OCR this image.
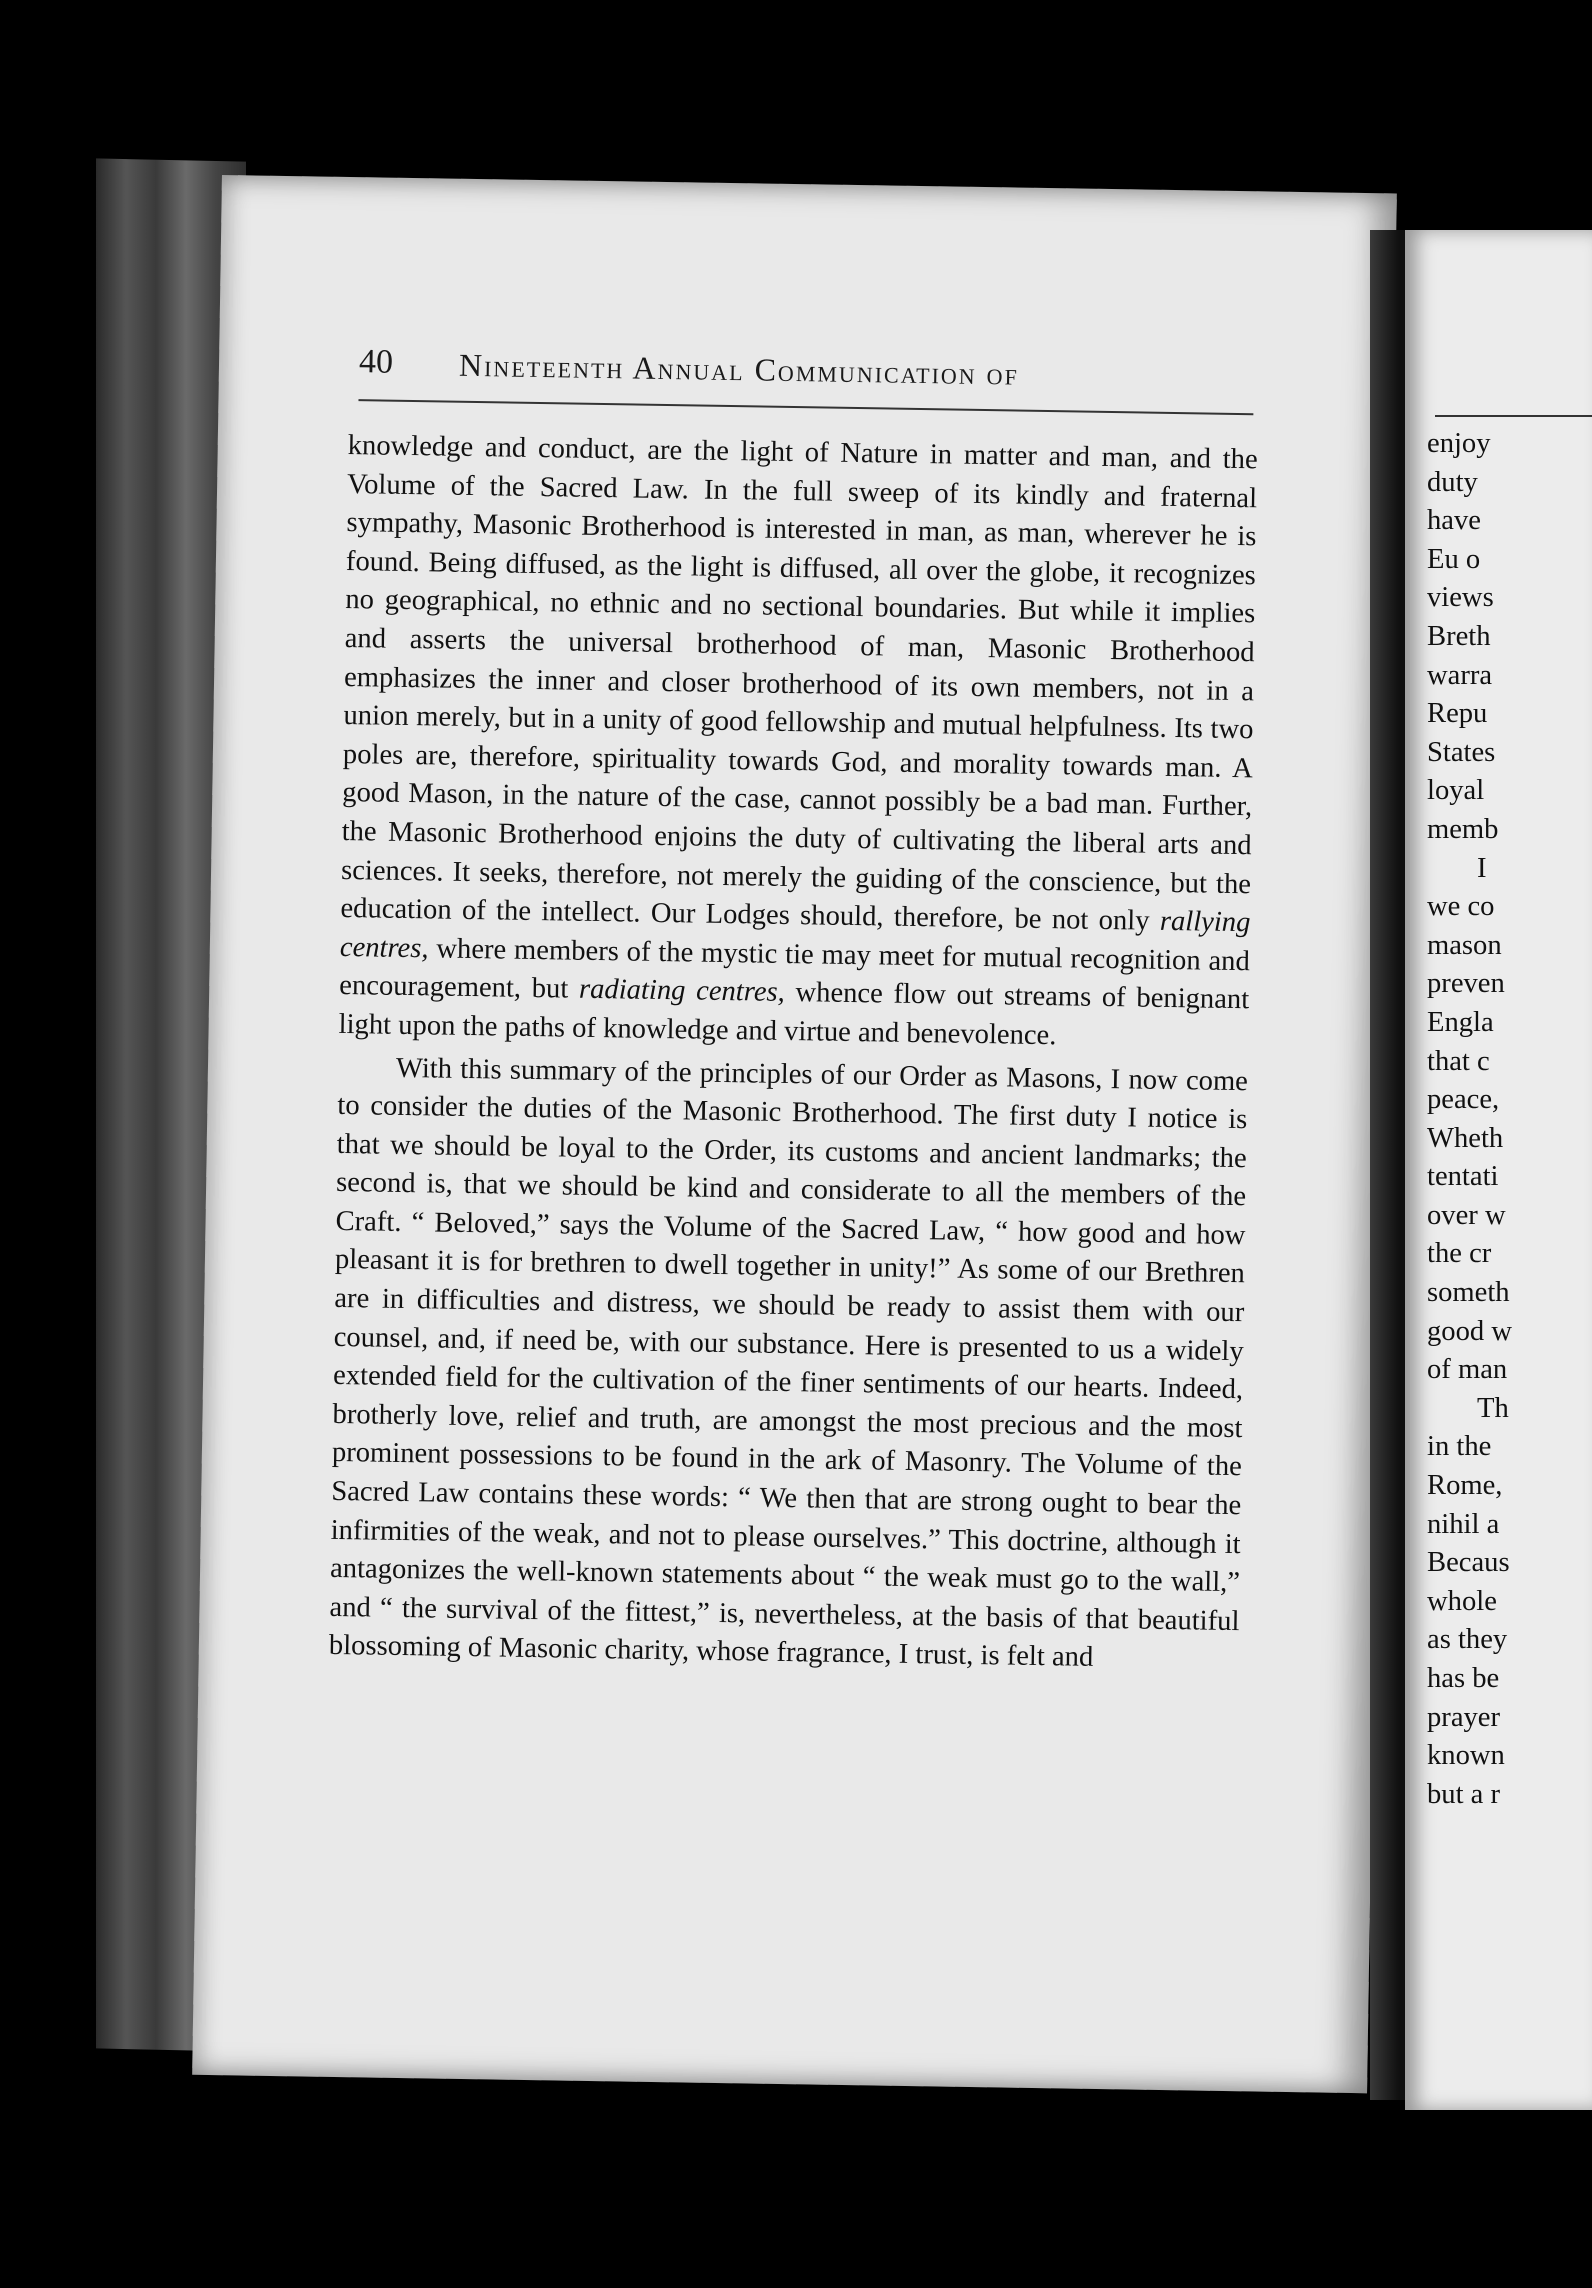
40 Nineteenth Annual Communication of

knowledge and conduct, are the light of Nature in matter and man, and the Volume of the Sacred Law. In the full sweep of its kindly and fraternal sympathy, Masonic Brotherhood is interested in man, as man, wherever he is found. Being diffused, as the light is diffused, all over the globe, it recognizes no geographical, no ethnic and no sectional boundaries. But while it implies and asserts the universal brotherhood of man, Masonic Brotherhood emphasizes the inner and closer brotherhood of its own members, not in a union merely, but in a unity of good fellowship and mutual helpfulness. Its two poles are, therefore, spirituality towards God, and morality towards man. A good Mason, in the nature of the case, cannot possibly be a bad man. Further, the Masonic Brotherhood enjoins the duty of cultivating the liberal arts and sciences. It seeks, therefore, not merely the guiding of the conscience, but the education of the intellect. Our Lodges should, therefore, be not only rallying centres, where members of the mystic tie may meet for mutual recognition and encouragement, but radiating centres, whence flow out streams of benignant light upon the paths of knowledge and virtue and benevolence.

With this summary of the principles of our Order as Masons, I now come to consider the duties of the Masonic Brotherhood. The first duty I notice is that we should be loyal to the Order, its customs and ancient landmarks; the second is, that we should be kind and considerate to all the members of the Craft. “ Beloved,” says the Volume of the Sacred Law, “ how good and how pleasant it is for brethren to dwell together in unity!” As some of our Brethren are in difficulties and distress, we should be ready to assist them with our counsel, and, if need be, with our substance. Here is presented to us a widely extended field for the cultivation of the finer sentiments of our hearts. Indeed, brotherly love, relief and truth, are amongst the most precious and the most prominent possessions to be found in the ark of Masonry. The Volume of the Sacred Law contains these words: “ We then that are strong ought to bear the infirmities of the weak, and not to please ourselves.” This doctrine, although it antagonizes the well-known statements about “ the weak must go to the wall,” and “ the survival of the fittest,” is, nevertheless, at the basis of that beautiful blossoming of Masonic charity, whose fragrance, I trust, is felt and

enjoy
duty
have
Eu o
views
Breth
warra
Repu
States
loyal
memb
I
we co
mason
preven
Engla
that c
peace,
Wheth
tentati
over w
the cr
someth
good w
of man
Th
in the
Rome,
nihil a
Becaus
whole
as they
has be
prayer
known
but a r
